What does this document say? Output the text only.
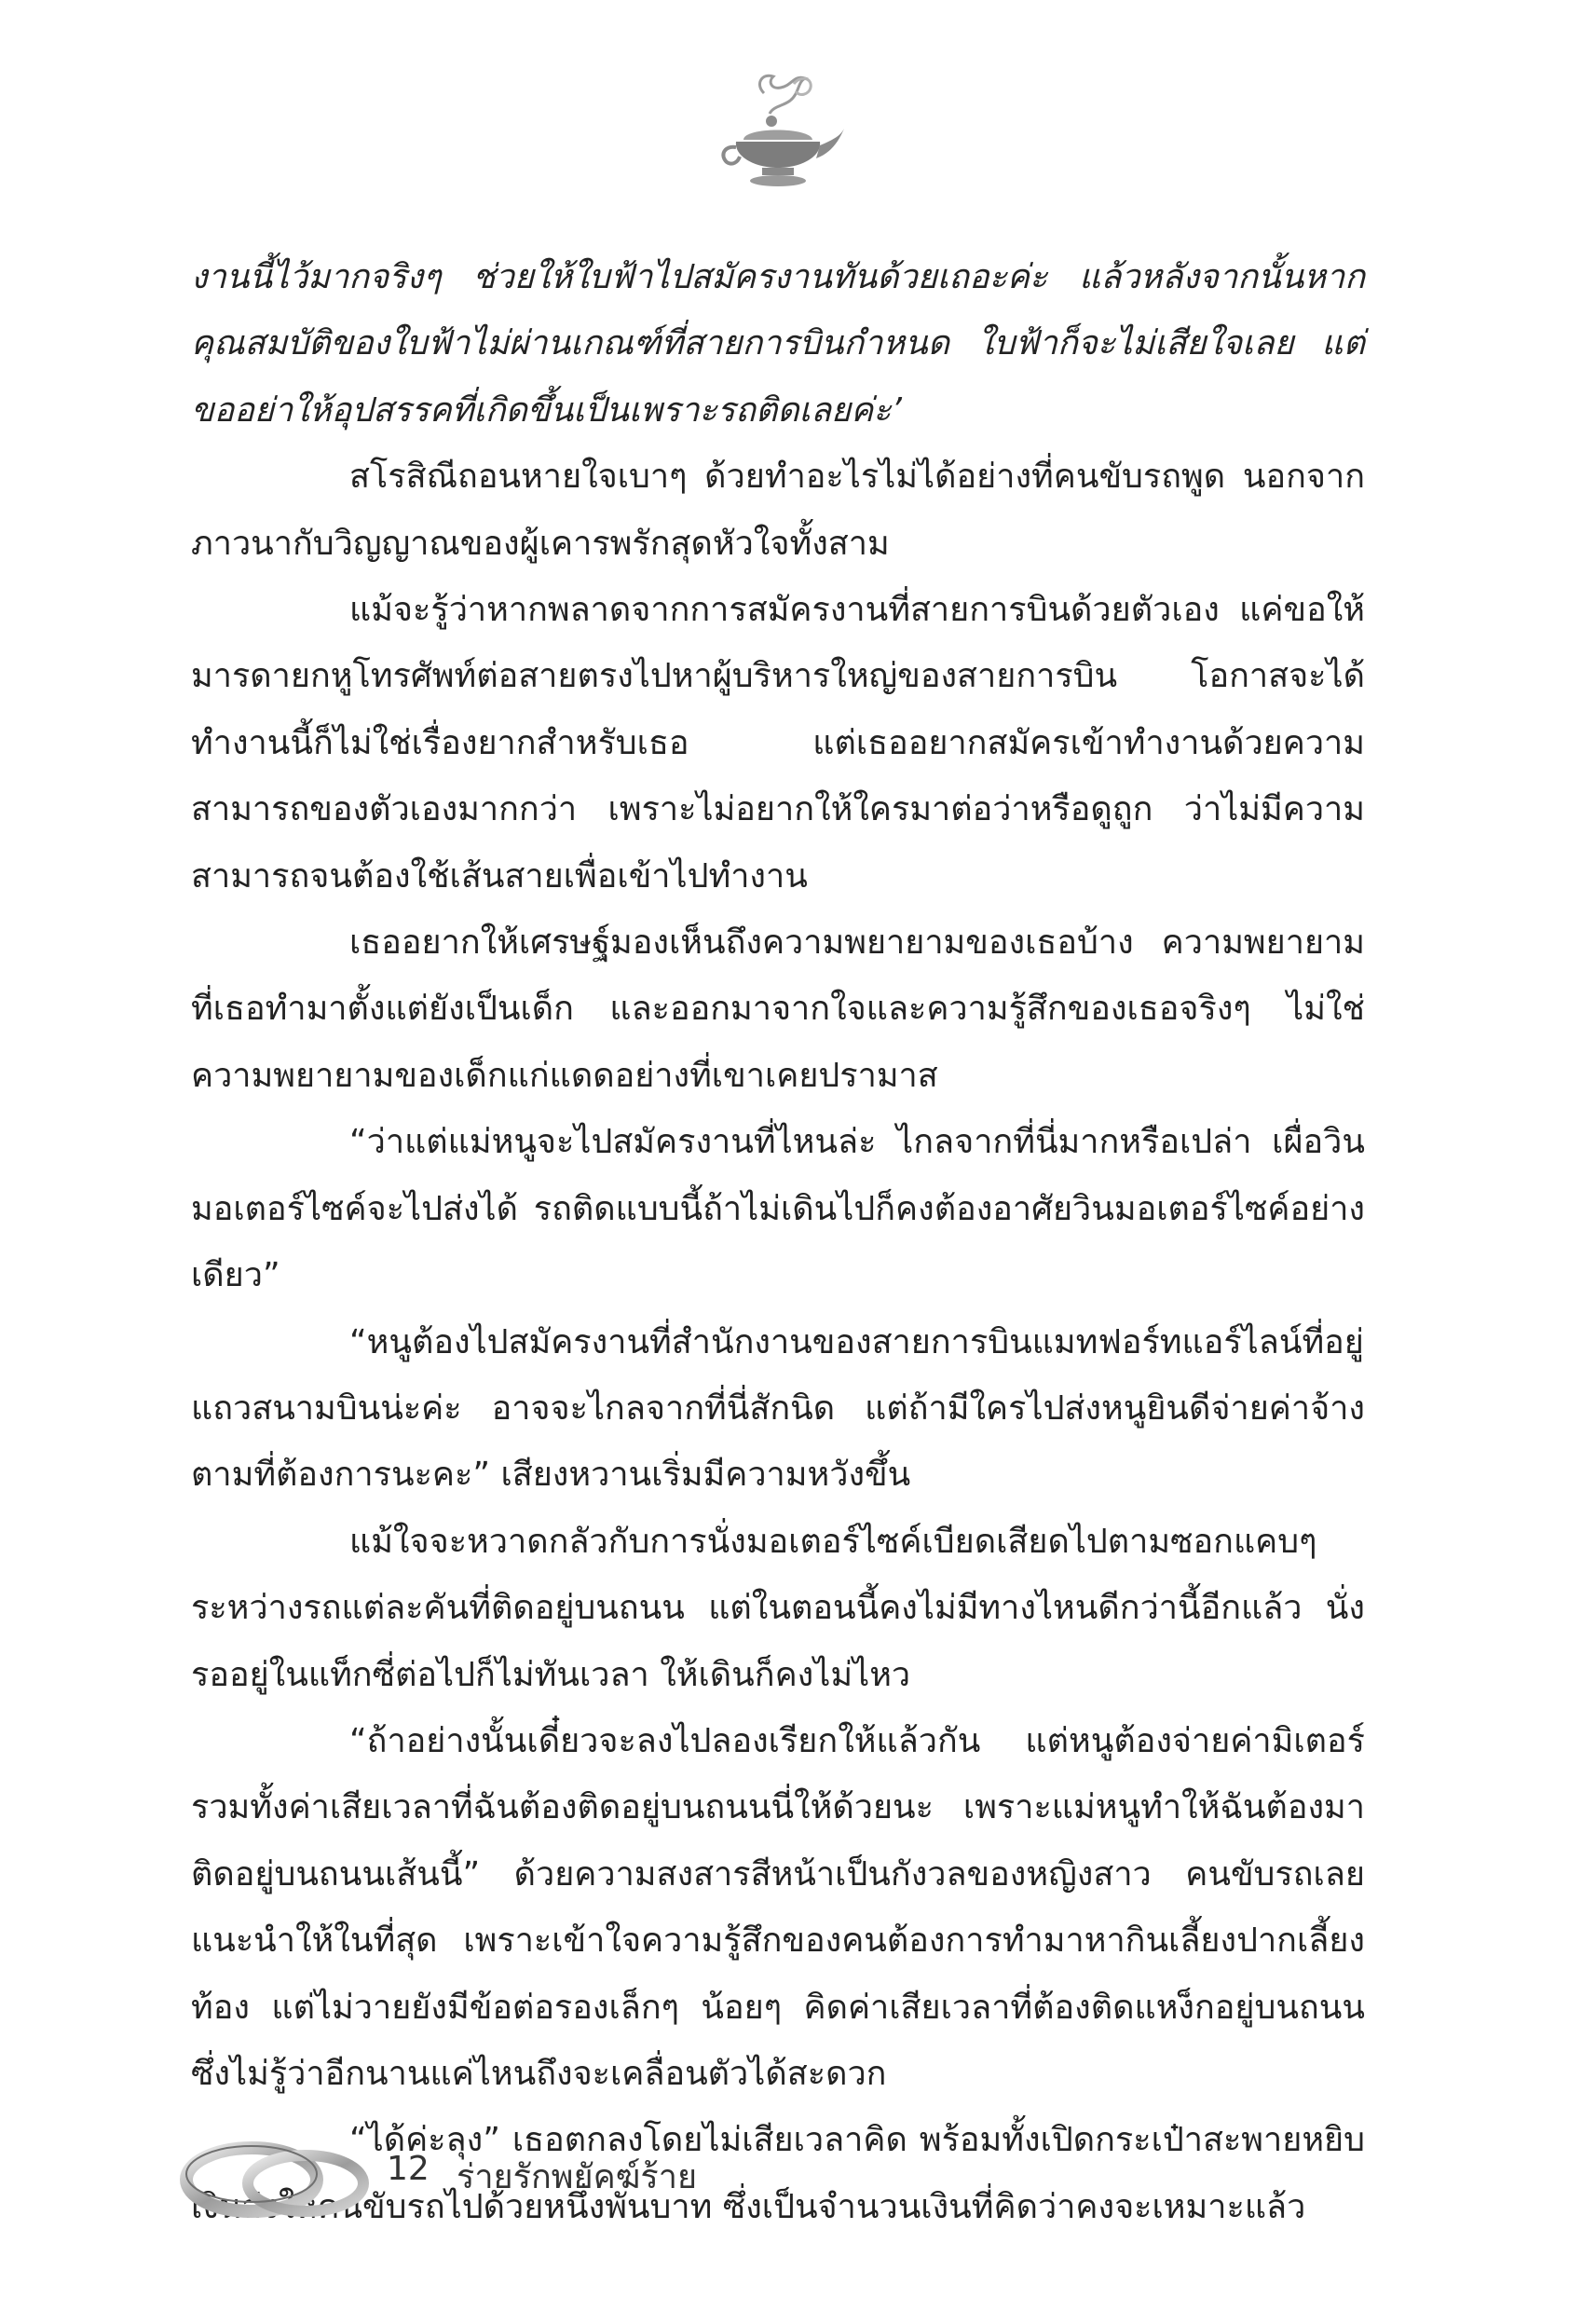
งานนี้ไว้มากจริงๆ ช่วยให้ใบฟ้าไปสมัครงานทันด้วยเถอะค่ะ แล้วหลังจากนั้นหากคุณสมบัติของใบฟ้าไม่ผ่านเกณฑ์ที่สายการบินกำหนด ใบฟ้าก็จะไม่เสียใจเลย แต่ขออย่าให้อุปสรรคที่เกิดขึ้นเป็นเพราะรถติดเลยค่ะ’

สโรสิณีถอนหายใจเบาๆ ด้วยทำอะไรไม่ได้อย่างที่คนขับรถพูด นอกจากภาวนากับวิญญาณของผู้เคารพรักสุดหัวใจทั้งสาม

แม้จะรู้ว่าหากพลาดจากการสมัครงานที่สายการบินด้วยตัวเอง แค่ขอให้มารดายกหูโทรศัพท์ต่อสายตรงไปหาผู้บริหารใหญ่ของสายการบิน โอกาสจะได้ทำงานนี้ก็ไม่ใช่เรื่องยากสำหรับเธอ แต่เธออยากสมัครเข้าทำงานด้วยความสามารถของตัวเองมากกว่า เพราะไม่อยากให้ใครมาต่อว่าหรือดูถูก ว่าไม่มีความสามารถจนต้องใช้เส้นสายเพื่อเข้าไปทำงาน

เธออยากให้เศรษฐ์มองเห็นถึงความพยายามของเธอบ้าง ความพยายามที่เธอทำมาตั้งแต่ยังเป็นเด็ก และออกมาจากใจและความรู้สึกของเธอจริงๆ ไม่ใช่ความพยายามของเด็กแก่แดดอย่างที่เขาเคยปรามาส

“ว่าแต่แม่หนูจะไปสมัครงานที่ไหนล่ะ ไกลจากที่นี่มากหรือเปล่า เผื่อวินมอเตอร์ไซค์จะไปส่งได้ รถติดแบบนี้ถ้าไม่เดินไปก็คงต้องอาศัยวินมอเตอร์ไซค์อย่างเดียว”

“หนูต้องไปสมัครงานที่สำนักงานของสายการบินแมทฟอร์ทแอร์ไลน์ที่อยู่แถวสนามบินน่ะค่ะ อาจจะไกลจากที่นี่สักนิด แต่ถ้ามีใครไปส่งหนูยินดีจ่ายค่าจ้างตามที่ต้องการนะคะ” เสียงหวานเริ่มมีความหวังขึ้น

แม้ใจจะหวาดกลัวกับการนั่งมอเตอร์ไซค์เบียดเสียดไปตามซอกแคบๆ ระหว่างรถแต่ละคันที่ติดอยู่บนถนน แต่ในตอนนี้คงไม่มีทางไหนดีกว่านี้อีกแล้ว นั่งรออยู่ในแท็กซี่ต่อไปก็ไม่ทันเวลา ให้เดินก็คงไม่ไหว

“ถ้าอย่างนั้นเดี๋ยวจะลงไปลองเรียกให้แล้วกัน แต่หนูต้องจ่ายค่ามิเตอร์รวมทั้งค่าเสียเวลาที่ฉันต้องติดอยู่บนถนนนี่ให้ด้วยนะ เพราะแม่หนูทำให้ฉันต้องมาติดอยู่บนถนนเส้นนี้” ด้วยความสงสารสีหน้าเป็นกังวลของหญิงสาว คนขับรถเลยแนะนำให้ในที่สุด เพราะเข้าใจความรู้สึกของคนต้องการทำมาหากินเลี้ยงปากเลี้ยงท้อง แต่ไม่วายยังมีข้อต่อรองเล็กๆ น้อยๆ คิดค่าเสียเวลาที่ต้องติดแหง็กอยู่บนถนนซึ่งไม่รู้ว่าอีกนานแค่ไหนถึงจะเคลื่อนตัวได้สะดวก

“ได้ค่ะลุง” เธอตกลงโดยไม่เสียเวลาคิด พร้อมทั้งเปิดกระเป๋าสะพายหยิบเงินส่งให้คนขับรถไปด้วยหนึ่งพันบาท ซึ่งเป็นจำนวนเงินที่คิดว่าคงจะเหมาะแล้ว

12 ร่ายรักพยัคฆ์ร้าย
